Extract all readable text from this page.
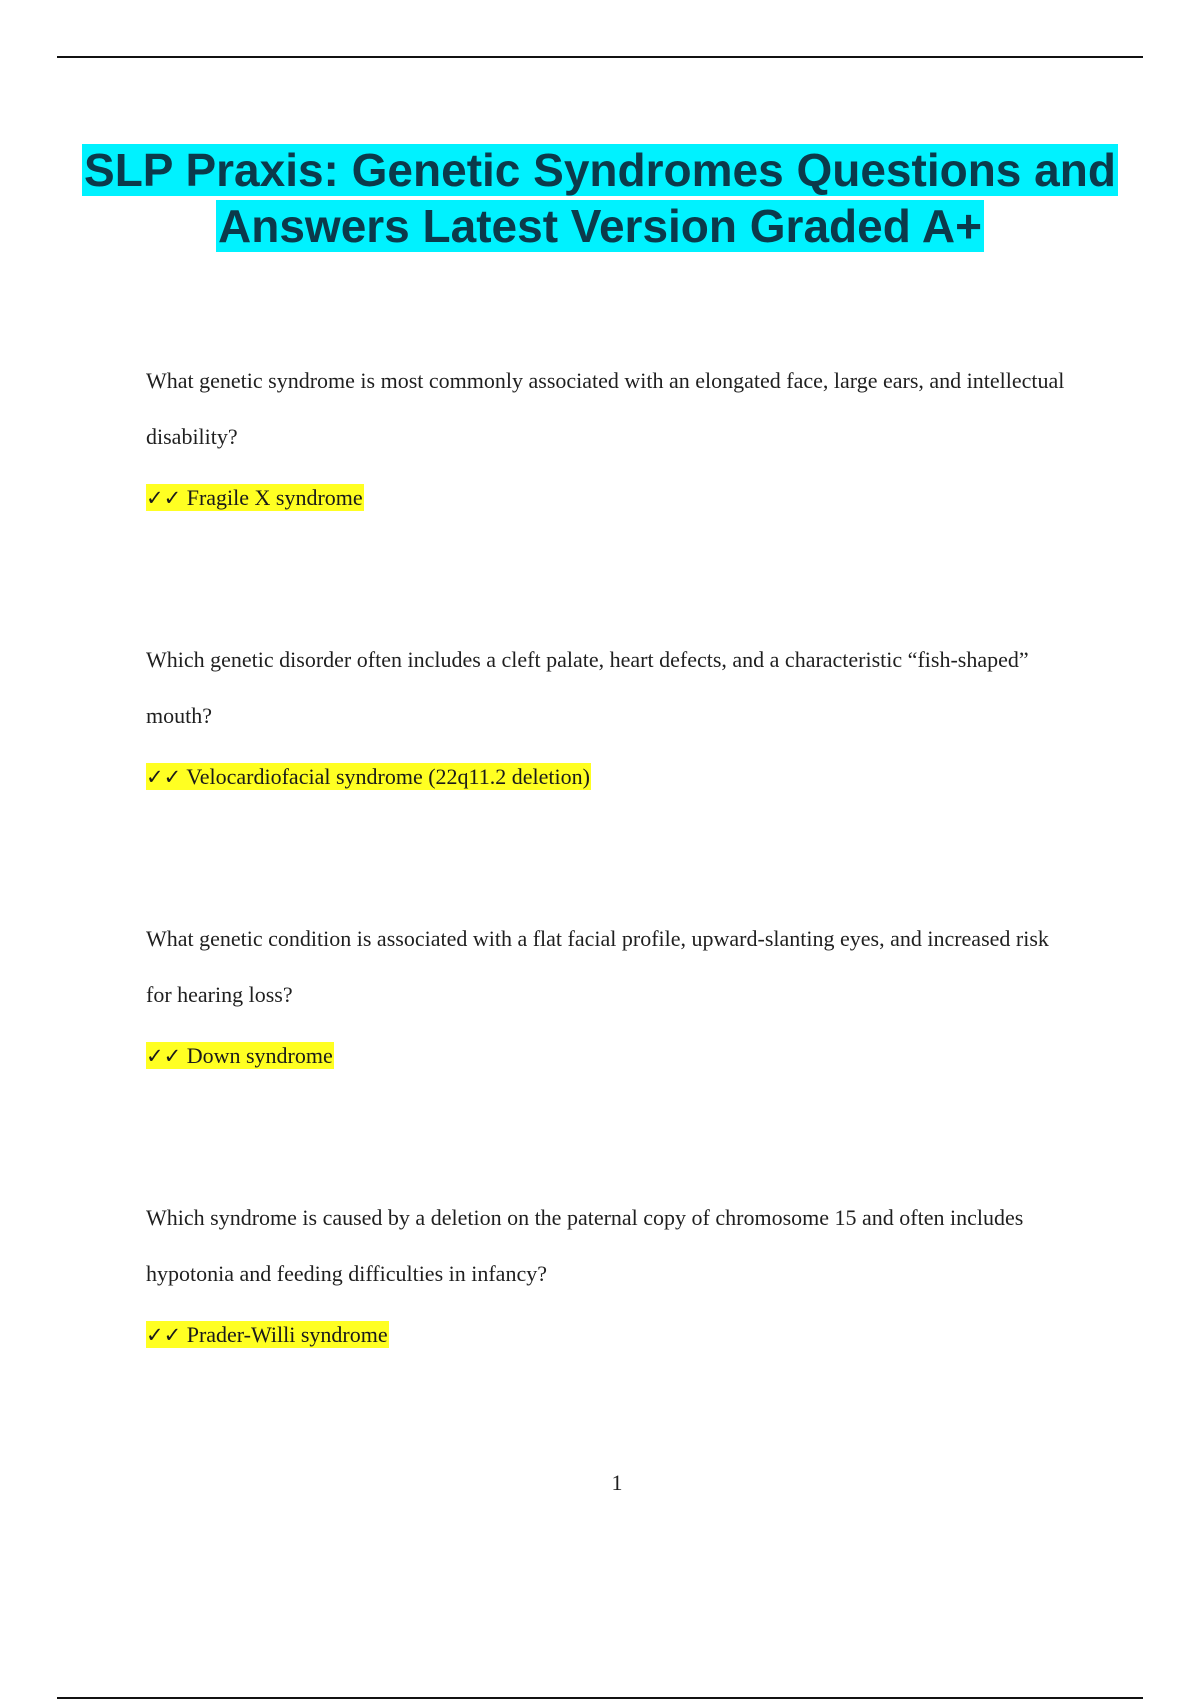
SLP Praxis: Genetic Syndromes Questions and Answers Latest Version Graded A+

What genetic syndrome is most commonly associated with an elongated face, large ears, and intellectual disability?

✓✓ Fragile X syndrome

Which genetic disorder often includes a cleft palate, heart defects, and a characteristic “fish-shaped” mouth?

✓✓ Velocardiofacial syndrome (22q11.2 deletion)

What genetic condition is associated with a flat facial profile, upward-slanting eyes, and increased risk for hearing loss?

✓✓ Down syndrome

Which syndrome is caused by a deletion on the paternal copy of chromosome 15 and often includes hypotonia and feeding difficulties in infancy?

✓✓ Prader-Willi syndrome

1
